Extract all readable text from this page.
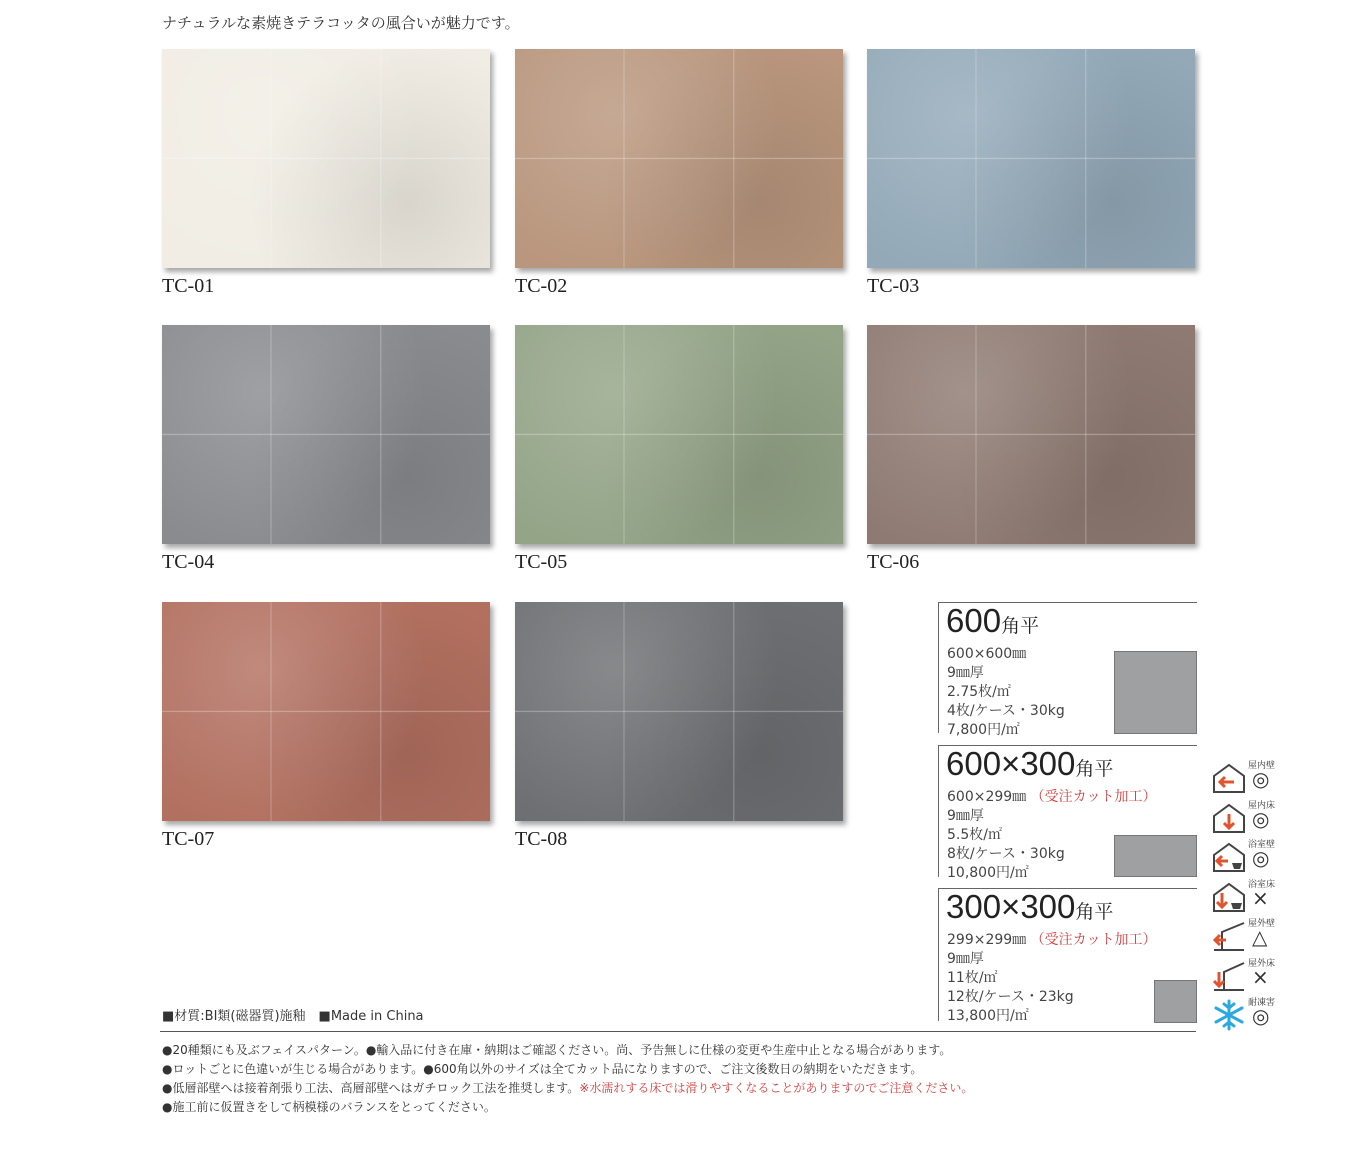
ナチュラルな素焼きテラコッタの風合いが魅力です。
TC-01	TC-02	TC-03
TC-04	TC-05	TC-06
TC-07	TC-08
600角平
600×600㎜
9㎜厚
2.75枚/㎡
4枚/ケース・30kg
7,800円/㎡
600×300角平
600×299㎜ （受注カット加工）
9㎜厚
5.5枚/㎡
8枚/ケース・30kg
10,800円/㎡
300×300角平
299×299㎜ （受注カット加工）
9㎜厚
11枚/㎡
12枚/ケース・23kg
13,800円/㎡
屋内壁
◎
屋内床
◎
浴室壁
◎
浴室床
×
屋外壁
△
屋外床
×
耐凍害
◎
■材質:BI類(磁器質)施釉　■Made in China
●20種類にも及ぶフェイスパターン。●輸入品に付き在庫・納期はご確認ください。尚、予告無しに仕様の変更や生産中止となる場合があります。
●ロットごとに色違いが生じる場合があります。●600角以外のサイズは全てカット品になりますので、ご注文後数日の納期をいただきます。
●低層部壁へは接着剤張り工法、高層部壁へはガチロック工法を推奨します。※水濡れする床では滑りやすくなることがありますのでご注意ください。
●施工前に仮置きをして柄模様のバランスをとってください。
